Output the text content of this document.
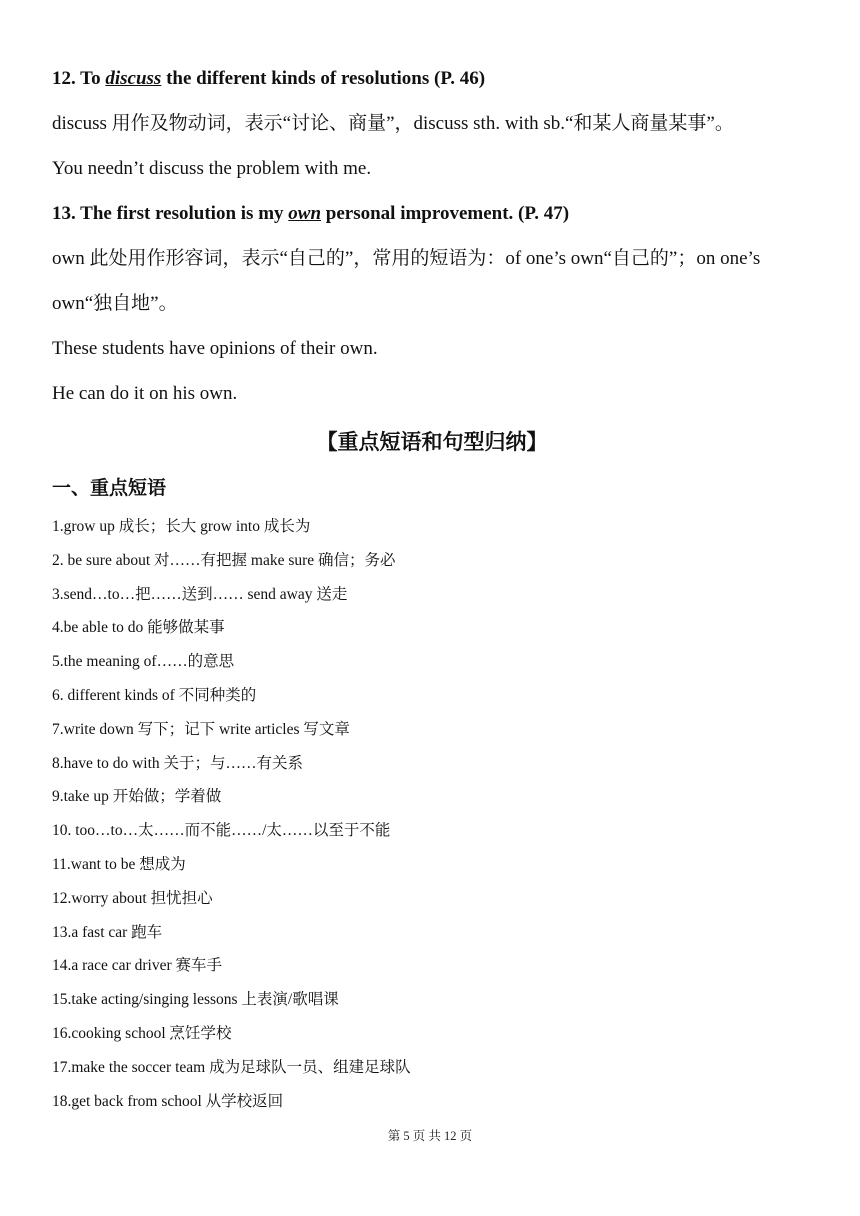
12. To discuss the different kinds of resolutions (P. 46)
discuss 用作及物动词，表示“讨论、商量”，discuss sth. with sb.“和某人商量某事”。
You needn’t discuss the problem with me.
13. The first resolution is my own personal improvement. (P. 47)
own 此处用作形容词，表示“自己的”，常用的短语为：of one’s own“自己的”；on one’s
own“独自地”。
These students have opinions of their own.
He can do it on his own.
【重点短语和句型归纳】
一、重点短语
1.grow up 成长；长大 grow into 成长为
2. be sure about 对……有把握 make sure 确信；务必
3.send…to…把……送到…… send away 送走
4.be able to do 能够做某事
5.the meaning of……的意思
6. different kinds of 不同种类的
7.write down 写下；记下 write articles 写文章
8.have to do with 关于；与……有关系
9.take up 开始做；学着做
10. too…to…太……而不能……/太……以至于不能
11.want to be 想成为
12.worry about 担忧担心
13.a fast car 跑车
14.a race car driver 赛车手
15.take acting/singing lessons 上表演/歌唱课
16.cooking school 烹饪学校
17.make the soccer team 成为足球队一员、组建足球队
18.get back from school 从学校返回
第 5 页 共 12 页
